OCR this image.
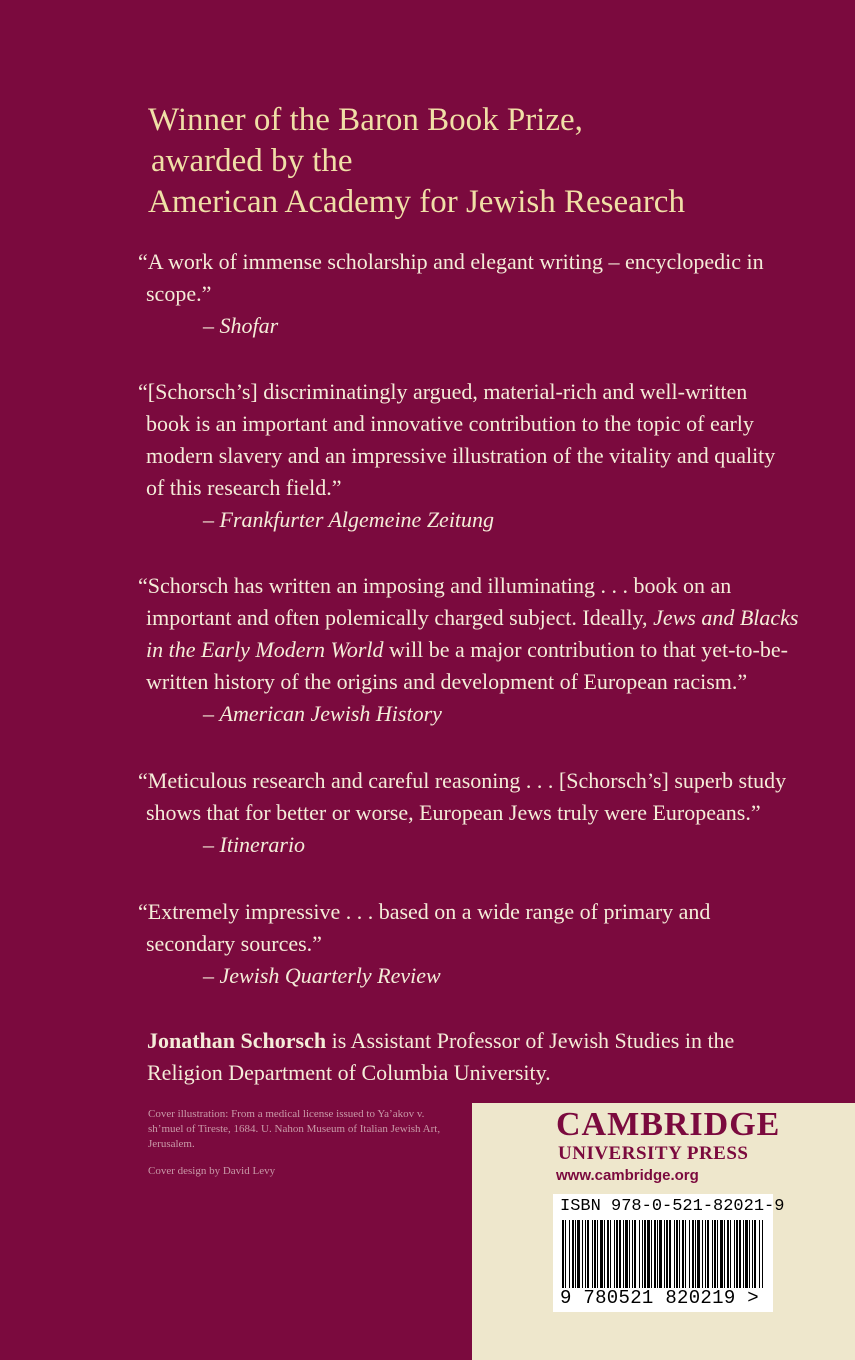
Winner of the Baron Book Prize,
awarded by the
American Academy for Jewish Research
“A work of immense scholarship and elegant writing – encyclopedic in
scope.”
– Shofar
“[Schorsch’s] discriminatingly argued, material-rich and well-written
book is an important and innovative contribution to the topic of early
modern slavery and an impressive illustration of the vitality and quality
of this research field.”
– Frankfurter Algemeine Zeitung
“Schorsch has written an imposing and illuminating . . . book on an
important and often polemically charged subject. Ideally, Jews and Blacks
in the Early Modern World will be a major contribution to that yet-to-be-
written history of the origins and development of European racism.”
– American Jewish History
“Meticulous research and careful reasoning . . . [Schorsch’s] superb study
shows that for better or worse, European Jews truly were Europeans.”
– Itinerario
“Extremely impressive . . . based on a wide range of primary and
secondary sources.”
– Jewish Quarterly Review
Jonathan Schorsch is Assistant Professor of Jewish Studies in the
Religion Department of Columbia University.

Cover illustration: From a medical license issued to Ya’akov v. sh’muel of Tireste, 1684. U. Nahon Museum of Italian Jewish Art, Jerusalem.

Cover design by David Levy

CAMBRIDGE
UNIVERSITY PRESS
www.cambridge.org
ISBN 978-0-521-82021-9
9 780521 820219 >
